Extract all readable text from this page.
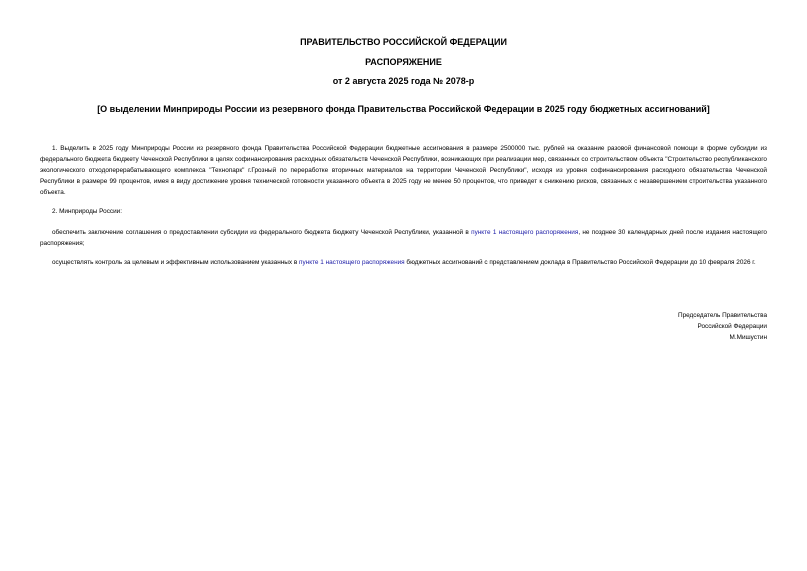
ПРАВИТЕЛЬСТВО РОССИЙСКОЙ ФЕДЕРАЦИИ
РАСПОРЯЖЕНИЕ
от 2 августа 2025 года № 2078-р
[О выделении Минприроды России из резервного фонда Правительства Российской Федерации в 2025 году бюджетных ассигнований]
1. Выделить в 2025 году Минприроды России из резервного фонда Правительства Российской Федерации бюджетные ассигнования в размере 2500000 тыс. рублей на оказание разовой финансовой помощи в форме субсидии из федерального бюджета бюджету Чеченской Республики в целях софинансирования расходных обязательств Чеченской Республики, возникающих при реализации мер, связанных со строительством объекта "Строительство республиканского экологического отходоперерабатывающего комплекса "Технопарк" г.Грозный по переработке вторичных материалов на территории Чеченской Республики", исходя из уровня софинансирования расходного обязательства Чеченской Республики в размере 99 процентов, имея в виду достижение уровня технической готовности указанного объекта в 2025 году не менее 50 процентов, что приведет к снижению рисков, связанных с незавершением строительства указанного объекта.
2. Минприроды России:
обеспечить заключение соглашения о предоставлении субсидии из федерального бюджета бюджету Чеченской Республики, указанной в пункте 1 настоящего распоряжения, не позднее 30 календарных дней после издания настоящего распоряжения;
осуществлять контроль за целевым и эффективным использованием указанных в пункте 1 настоящего распоряжения бюджетных ассигнований с представлением доклада в Правительство Российской Федерации до 10 февраля 2026 г.
Председатель Правительства
Российской Федерации
М.Мишустин
